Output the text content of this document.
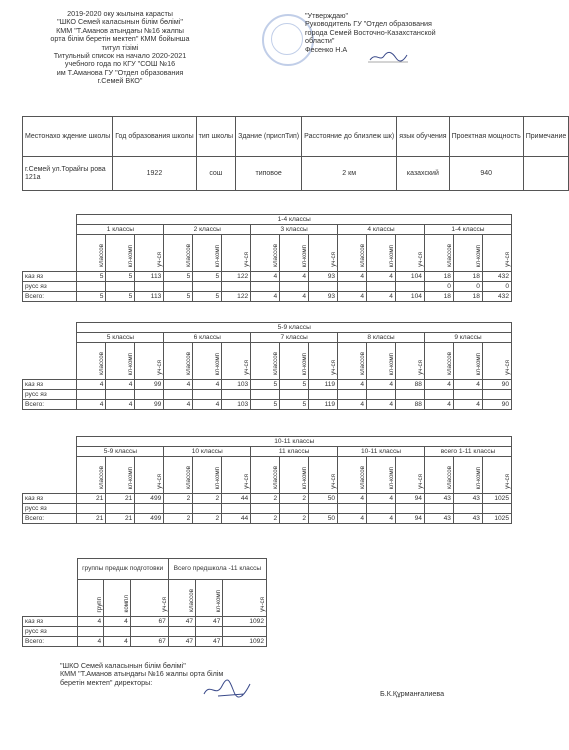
2019-2020 оку жылына карасты
"ШКО Семей каласынын білім бөлімі"
КММ "Т.Аманов атындағы №16 жалпы
орта білім беретін мектеп" КММ бойынша
титул тізімі
Титульный список на начало 2020-2021
учебного года по КГУ "СОШ №16
им Т.Аманова ГУ "Отдел образования
г.Семей ВКО"
"Утверждаю"
Руководитель ГУ "Отдел образования
города Семей Восточно-Казахстанской
области"
Фесенко Н.А
Местонахо ждение школы	Год образования школы	тип школы	Здание (приспТип)	Расстояние до близлеж шк)	язык обучения	Проектная мощность	Примечание
г.Семей ул.Торайгы рова 121а	1922	сош	типовое	2 км	казахский	940	
	1-4 классы														
	1 классы			2 классы			3 классы			4 классы			1-4 классы		
	классов	кл-комп	уч-ся	классов	кл-комп	уч-ся	классов	кл-комп	уч-ся	классов	кл-комп	уч-ся	классов	кл-комп	уч-ся
каз яз	5	5	113	5	5	122	4	4	93	4	4	104	18	18	432
русс яз													0	0	0
Всего:	5	5	113	5	5	122	4	4	93	4	4	104	18	18	432
	5-9 классы														
	5 классы			6 классы			7 классы			8 классы			9 классы		
	классов	кл-комп	уч-ся	классов	кл-комп	уч-ся	классов	кл-комп	уч-ся	классов	кл-комп	уч-ся	классов	кл-комп	уч-ся
каз яз	4	4	99	4	4	103	5	5	119	4	4	88	4	4	90
русс яз															
Всего:	4	4	99	4	4	103	5	5	119	4	4	88	4	4	90
	10-11 классы														
	5-9 классы			10 классы			11 классы			10-11 классы			всего 1-11 классы		
	классов	кл-комп	уч-ся	классов	кл-комп	уч-ся	классов	кл-комп	уч-ся	классов	кл-комп	уч-ся	классов	кл-комп	уч-ся
каз яз	21	21	499	2	2	44	2	2	50	4	4	94	43	43	1025
русс яз															
Всего:	21	21	499	2	2	44	2	2	50	4	4	94	43	43	1025
	группы предшк подготовки			Всего предшкола -11 классы		
	групп	компл	уч-ся	классов	кл-комп	уч-ся
каз яз	4	4	67	47	47	1092
русс яз						
Всего:	4	4	67	47	47	1092
"ШКО Семей каласынын білім бөлімі"
КММ "Т.Аманов атындағы №16 жалпы орта білім
беретін мектеп" директоры:
Б.К.Құрманғалиева
